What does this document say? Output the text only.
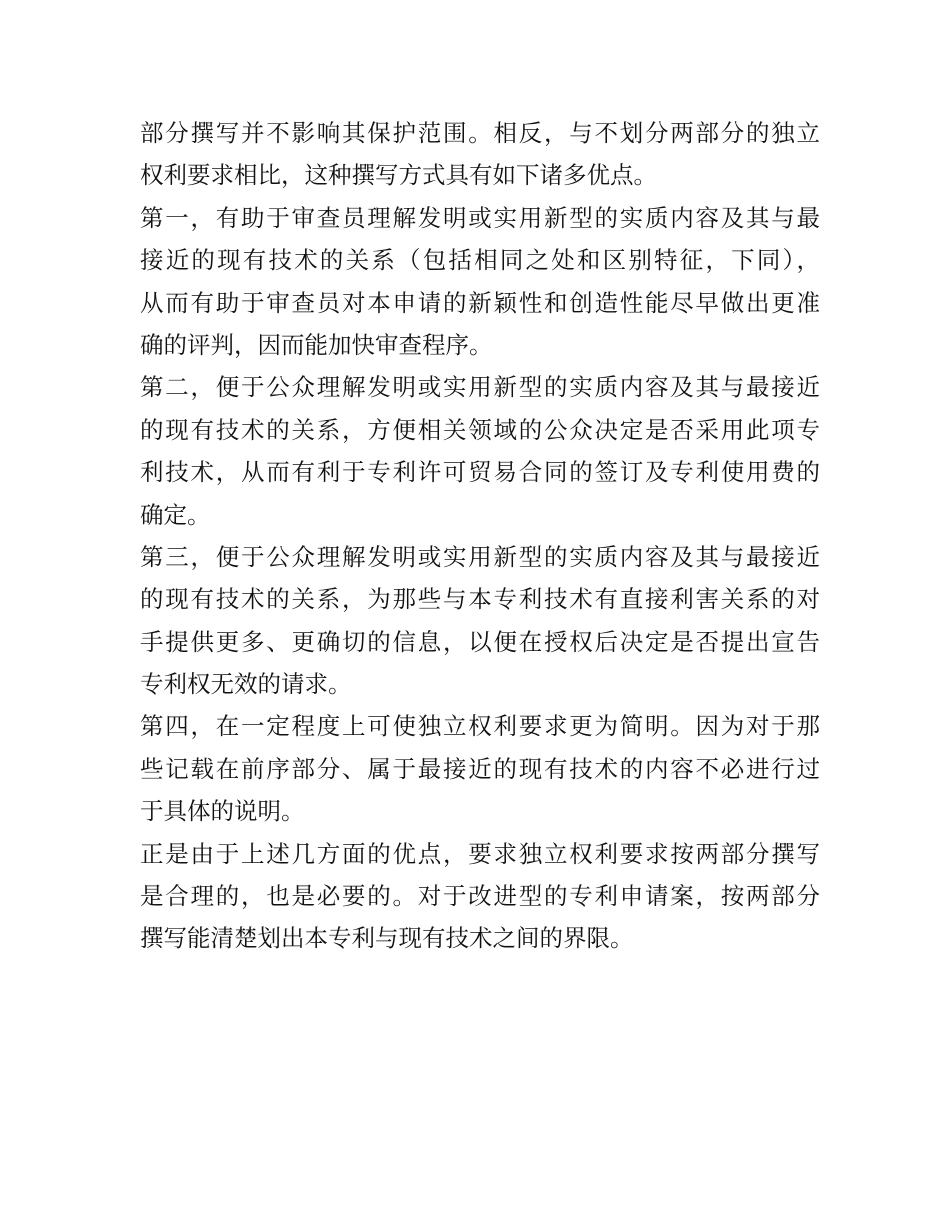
部分撰写并不影响其保护范围。相反，与不划分两部分的独立
权利要求相比，这种撰写方式具有如下诸多优点。
第一，有助于审查员理解发明或实用新型的实质内容及其与最
接近的现有技术的关系（包括相同之处和区别特征，下同），
从而有助于审查员对本申请的新颖性和创造性能尽早做出更准
确的评判，因而能加快审查程序。
第二，便于公众理解发明或实用新型的实质内容及其与最接近
的现有技术的关系，方便相关领域的公众决定是否采用此项专
利技术，从而有利于专利许可贸易合同的签订及专利使用费的
确定。
第三，便于公众理解发明或实用新型的实质内容及其与最接近
的现有技术的关系，为那些与本专利技术有直接利害关系的对
手提供更多、更确切的信息，以便在授权后决定是否提出宣告
专利权无效的请求。
第四，在一定程度上可使独立权利要求更为简明。因为对于那
些记载在前序部分、属于最接近的现有技术的内容不必进行过
于具体的说明。
正是由于上述几方面的优点，要求独立权利要求按两部分撰写
是合理的，也是必要的。对于改进型的专利申请案，按两部分
撰写能清楚划出本专利与现有技术之间的界限。
